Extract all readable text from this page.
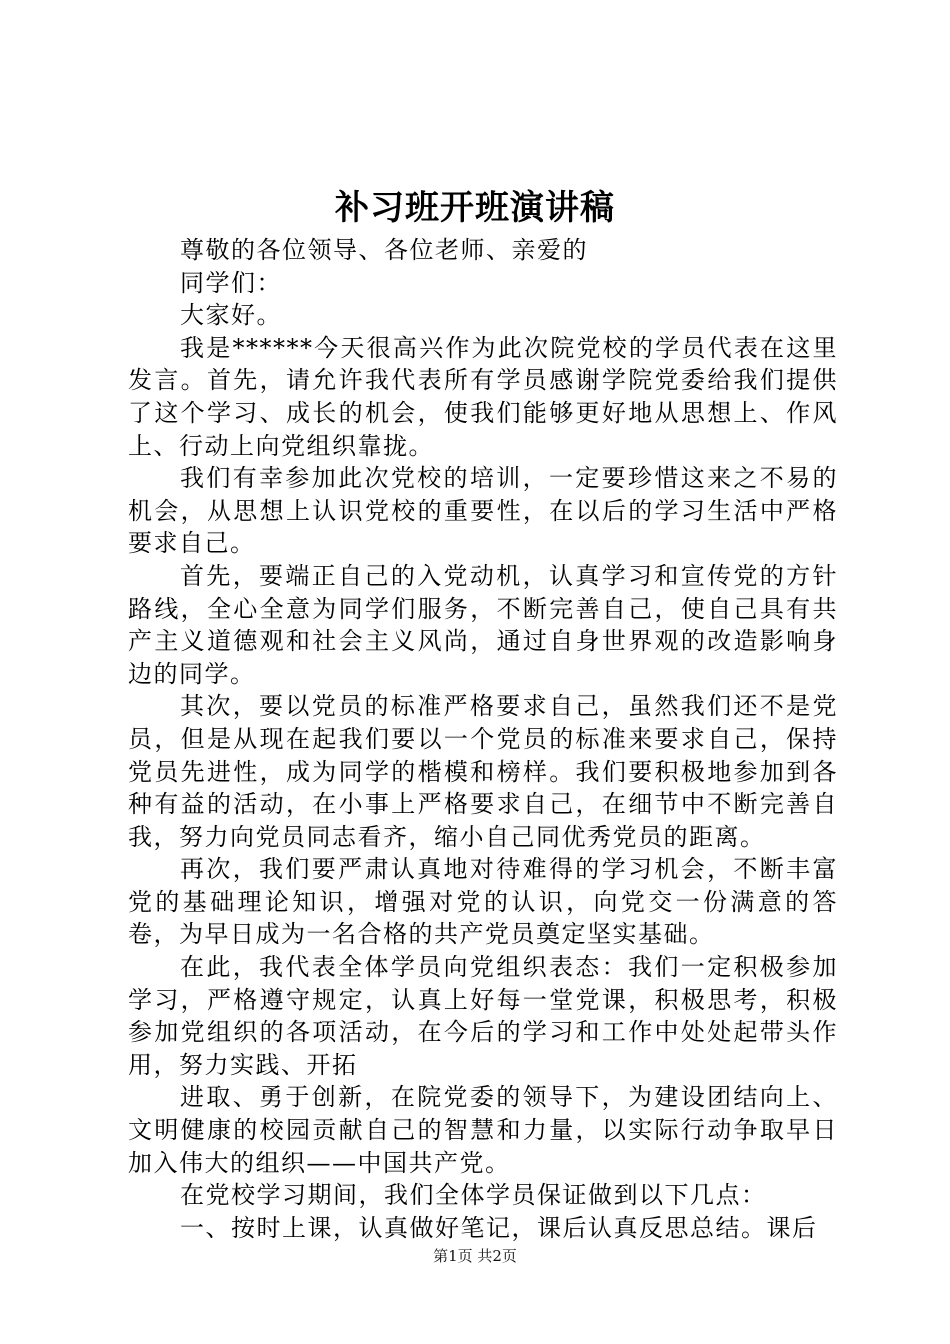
补习班开班演讲稿

尊敬的各位领导、各位老师、亲爱的

同学们：

大家好。

我是******今天很高兴作为此次院党校的学员代表在这里发言。首先，请允许我代表所有学员感谢学院党委给我们提供了这个学习、成长的机会，使我们能够更好地从思想上、作风上、行动上向党组织靠拢。

我们有幸参加此次党校的培训，一定要珍惜这来之不易的机会，从思想上认识党校的重要性，在以后的学习生活中严格要求自己。

首先，要端正自己的入党动机，认真学习和宣传党的方针路线，全心全意为同学们服务，不断完善自己，使自己具有共产主义道德观和社会主义风尚，通过自身世界观的改造影响身边的同学。

其次，要以党员的标准严格要求自己，虽然我们还不是党员，但是从现在起我们要以一个党员的标准来要求自己，保持党员先进性，成为同学的楷模和榜样。我们要积极地参加到各种有益的活动，在小事上严格要求自己，在细节中不断完善自我，努力向党员同志看齐，缩小自己同优秀党员的距离。

再次，我们要严肃认真地对待难得的学习机会，不断丰富党的基础理论知识，增强对党的认识，向党交一份满意的答卷，为早日成为一名合格的共产党员奠定坚实基础。

在此，我代表全体学员向党组织表态：我们一定积极参加学习，严格遵守规定，认真上好每一堂党课，积极思考，积极参加党组织的各项活动，在今后的学习和工作中处处起带头作用，努力实践、开拓

进取、勇于创新，在院党委的领导下，为建设团结向上、文明健康的校园贡献自己的智慧和力量，以实际行动争取早日加入伟大的组织——中国共产党。

在党校学习期间，我们全体学员保证做到以下几点：

一、按时上课，认真做好笔记，课后认真反思总结。课后

第1页 共2页
